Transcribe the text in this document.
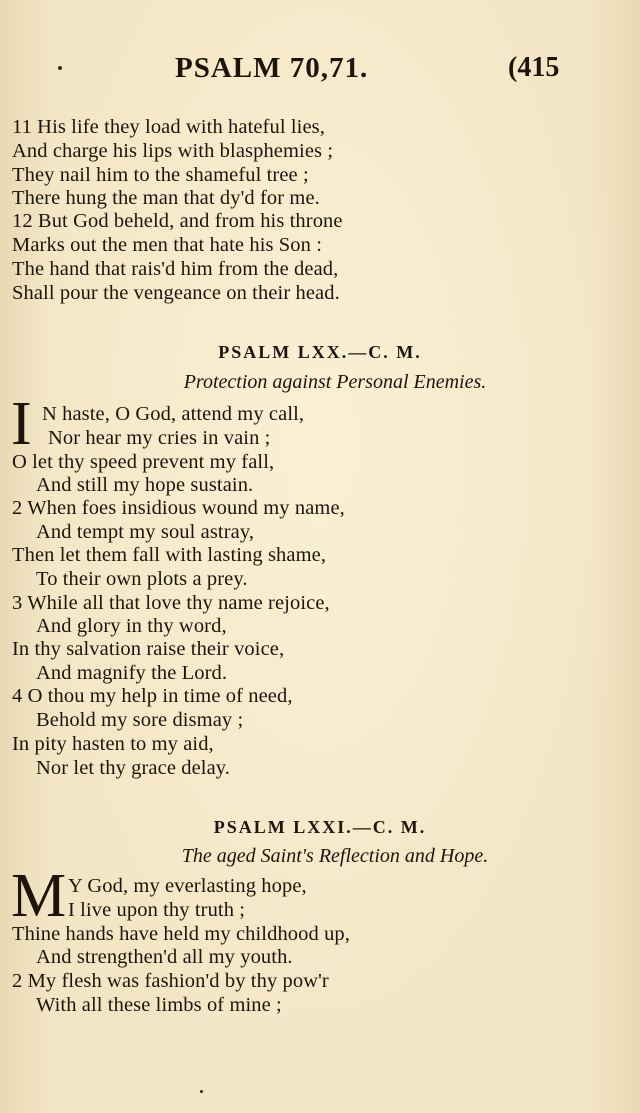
PSALM 70,71.	(415
11 His life they load with hateful lies,
And charge his lips with blasphemies ;
They nail him to the shameful tree ;
There hung the man that dy'd for me.
12 But God beheld, and from his throne
Marks out the men that hate his Son :
The hand that rais'd him from the dead,
Shall pour the vengeance on their head.
PSALM LXX.—C. M.
Protection against Personal Enemies.
I N haste, O God, attend my call,
Nor hear my cries in vain ;
O let thy speed prevent my fall,
And still my hope sustain.
2 When foes insidious wound my name,
And tempt my soul astray,
Then let them fall with lasting shame,
To their own plots a prey.
3 While all that love thy name rejoice,
And glory in thy word,
In thy salvation raise their voice,
And magnify the Lord.
4 O thou my help in time of need,
Behold my sore dismay ;
In pity hasten to my aid,
Nor let thy grace delay.
PSALM LXXI.—C. M.
The aged Saint's Reflection and Hope.
M Y God, my everlasting hope,
I live upon thy truth ;
Thine hands have held my childhood up,
And strengthen'd all my youth.
2 My flesh was fashion'd by thy pow'r
With all these limbs of mine ;
